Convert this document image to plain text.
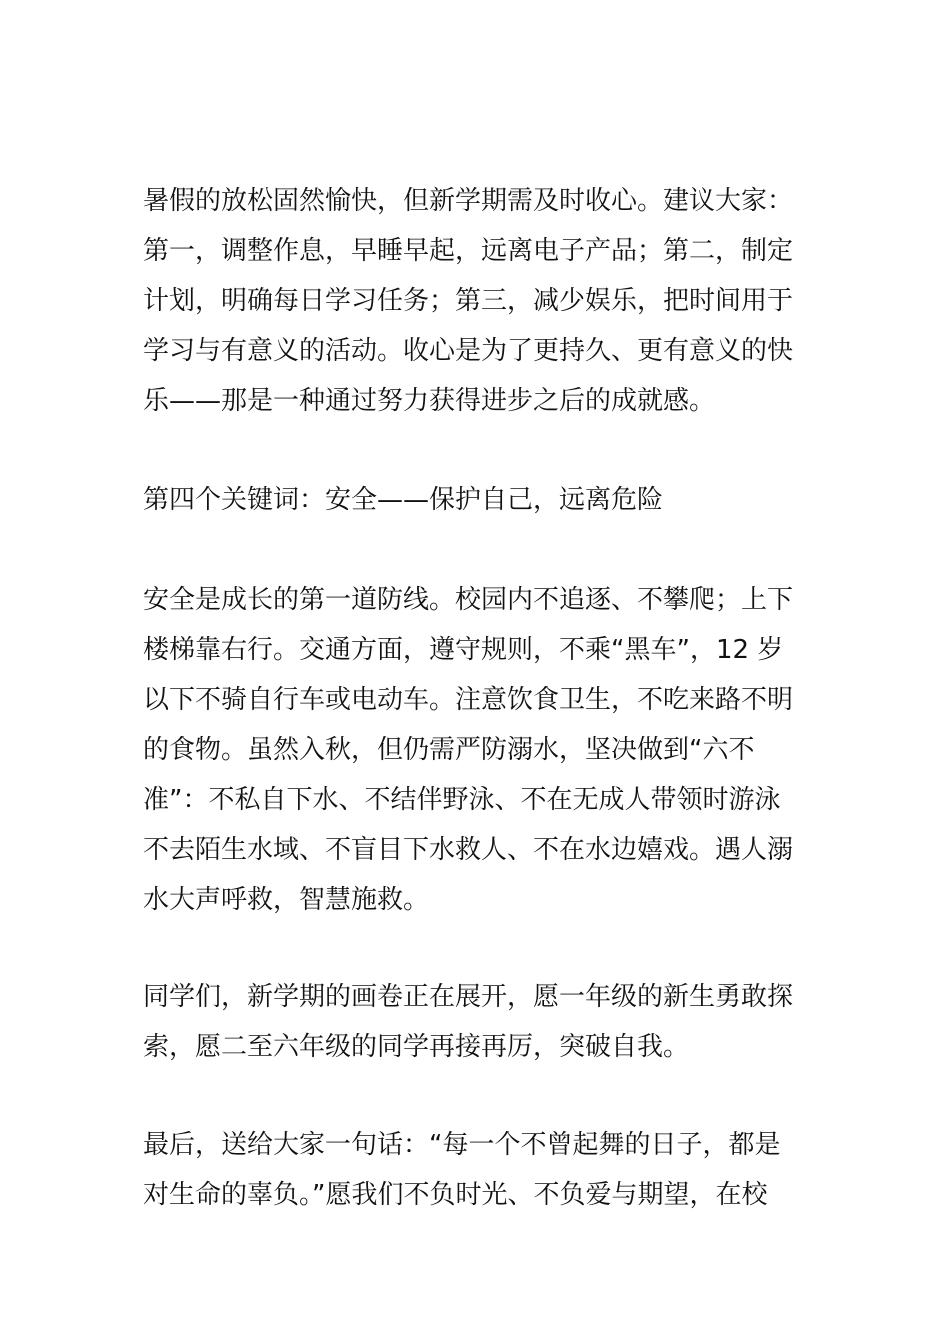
暑假的放松固然愉快，但新学期需及时收心。建议大家：
第一，调整作息，早睡早起，远离电子产品；第二，制定
计划，明确每日学习任务；第三，减少娱乐，把时间用于
学习与有意义的活动。收心是为了更持久、更有意义的快
乐——那是一种通过努力获得进步之后的成就感。
第四个关键词：安全——保护自己，远离危险
安全是成长的第一道防线。校园内不追逐、不攀爬；上下
楼梯靠右行。交通方面，遵守规则，不乘“黑车”，12 岁
以下不骑自行车或电动车。注意饮食卫生，不吃来路不明
的食物。虽然入秋，但仍需严防溺水，坚决做到“六不
准”：不私自下水、不结伴野泳、不在无成人带领时游泳
不去陌生水域、不盲目下水救人、不在水边嬉戏。遇人溺
水大声呼救，智慧施救。
同学们，新学期的画卷正在展开，愿一年级的新生勇敢探
索，愿二至六年级的同学再接再厉，突破自我。
最后，送给大家一句话：“每一个不曾起舞的日子，都是
对生命的辜负。”愿我们不负时光、不负爱与期望，在校
